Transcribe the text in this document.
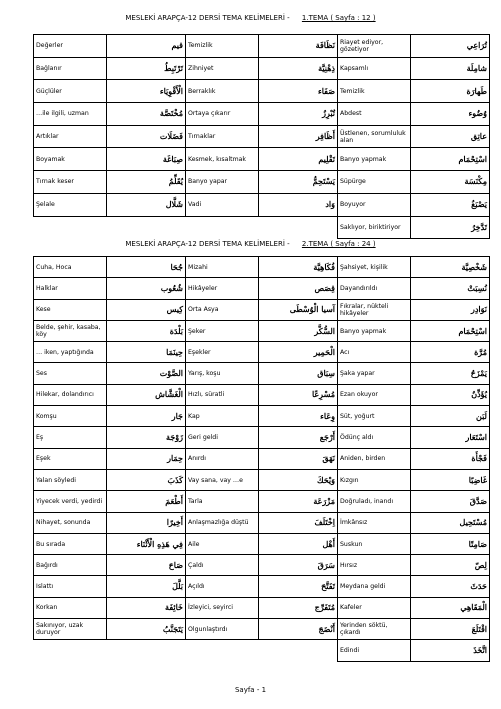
MESLEKİ ARAPÇA-12 DERSİ TEMA KELİMELERİ - 1.TEMA ( Sayfa : 12 )
Değerler	قيم	Temizlik	نَظَافَة	Riayet ediyor, gözetiyor	تُرَاعِي
Bağlanır	تَرْتَبِطُ	Zihniyet	ذِهْنِيَّة	Kapsamlı	شامِلَة
Güçlüler	الْأَقْوِيَاء	Berraklık	صَفَاء	Temizlik	طَهارَة
…ile ilgili, uzman	مُخْتَصَّة	Ortaya çıkarır	تُبْرِزُ	Abdest	وُضُوء
Artıklar	فَضَلَات	Tırnaklar	أَظَافِر	Üstlenen, sorumluluk alan	عاتِق
Boyamak	صِبَاغَة	Kesmek, kısaltmak	تَقْلِيم	Banyo yapmak	اسْتِحْمَام
Tırnak keser	يُقَلِّمُ	Banyo yapar	يَسْتَحِمُّ	Süpürge	مِكْنَسَة
Şelale	شَلَّال	Vadi	وَاد	Boyuyor	يَصْبَغُ
				Saklıyor, biriktiriyor	تَدَّخِرُ
MESLEKİ ARAPÇA-12 DERSİ TEMA KELİMELERİ - 2.TEMA ( Sayfa : 24 )
Cuha, Hoca	جُحَا	Mizahi	فُكَاهِيَّة	Şahsiyet, kişilik	شَخْصِيَّة
Halklar	شُعُوب	Hikâyeler	قِصَص	Dayandırıldı	نُسِبَتْ
Kese	كِيس	Orta Asya	آسيا الْوُسْطَى	Fıkralar, nükteli hikâyeler	نَوَادِر
Belde, şehir, kasaba, köy	بَلْدَة	Şeker	السُّكَّر	Banyo yapmak	اسْتِحْمَام
… iken, yaptığında	حِينَمَا	Eşekler	الْحَمِير	Acı	مُرَّة
Ses	الصَّوْت	Yarış, koşu	سِبَاق	Şaka yapar	يَمْزَحُ
Hilekar, dolandırıcı	الْغَشَّاش	Hızlı, süratli	مُسْرِعًا	Ezan okuyor	يُؤَذِّنُ
Komşu	جَار	Kap	وِعَاء	Süt, yoğurt	لَبَن
Eş	زَوْجَة	Geri geldi	أَرْجَع	Ödünç aldı	اسْتَعَار
Eşek	حِمَار	Anırdı	نَهَقَ	Aniden, birden	فَجْأَة
Yalan söyledi	كَذَبَ	Vay sana, vay …e	وَيْحَكَ	Kızgın	غَاضِبًا
Yiyecek verdi, yedirdi	أَطْعَمَ	Tarla	مَزْرَعَة	Doğruladı, inandı	صَدَّقَ
Nihayet, sonunda	أَخِيرًا	Anlaşmazlığa düştü	اِخْتَلَفَ	İmkânsız	مُسْتَحِيل
Bu sırada	فِي هَذِهِ الْأَثْنَاء	Aile	أَهْل	Suskun	صَامِتًا
Bağırdı	صَاحَ	Çaldı	سَرَقَ	Hırsız	لِصّ
Islattı	بَلَّلَ	Açıldı	تَفَتَّحَ	Meydana geldi	حَدَثَ
Korkan	خَائِفَة	İzleyici, seyirci	مُتَفَرِّج	Kafeler	الْمَقَاهِي
Sakınıyor, uzak duruyor	يَتَجَنَّبُ	Olgunlaştırdı	أَنْضَجَ	Yerinden söktü, çıkardı	اقْتَلَعَ
				Edindi	اتَّخَذَ
Sayfa - 1
